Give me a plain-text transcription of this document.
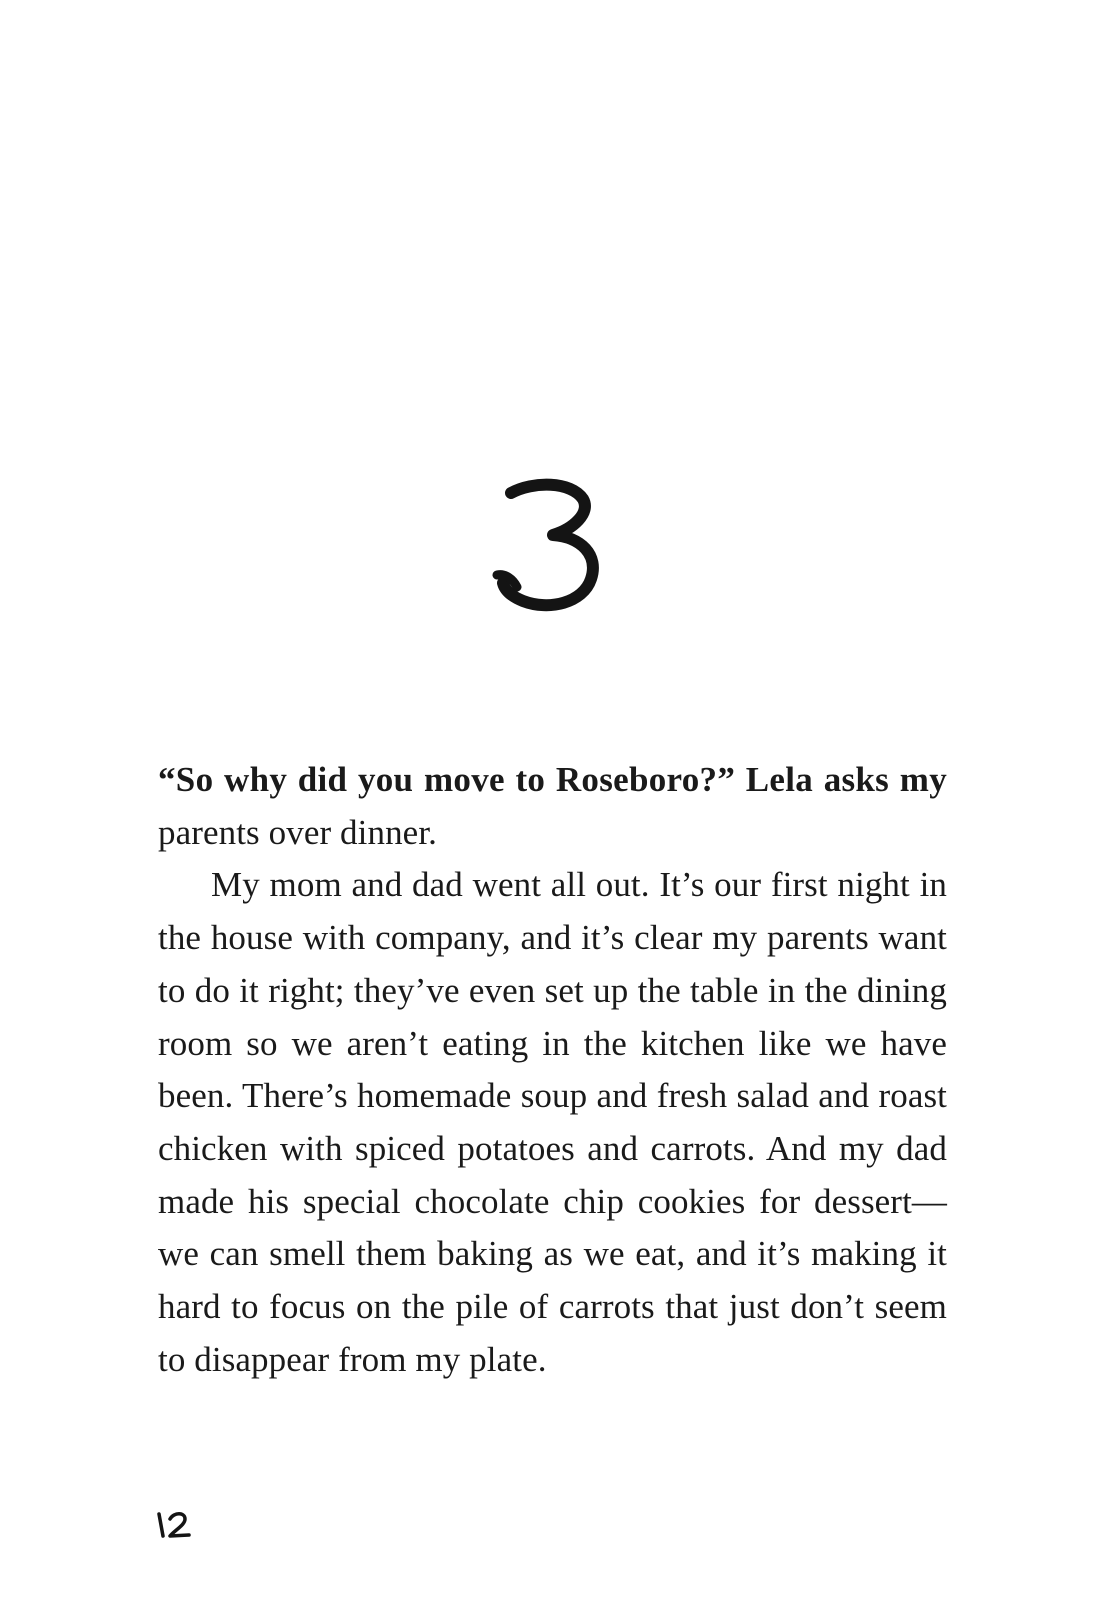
“So why did you move to Roseboro?” Lela asks my parents over dinner.

My mom and dad went all out. It’s our first night in the house with company, and it’s clear my parents want to do it right; they’ve even set up the table in the dining room so we aren’t eating in the kitchen like we have been. There’s homemade soup and fresh salad and roast chicken with spiced potatoes and carrots. And my dad made his special chocolate chip cookies for dessert—we can smell them baking as we eat, and it’s making it hard to focus on the pile of carrots that just don’t seem to disappear from my plate.
